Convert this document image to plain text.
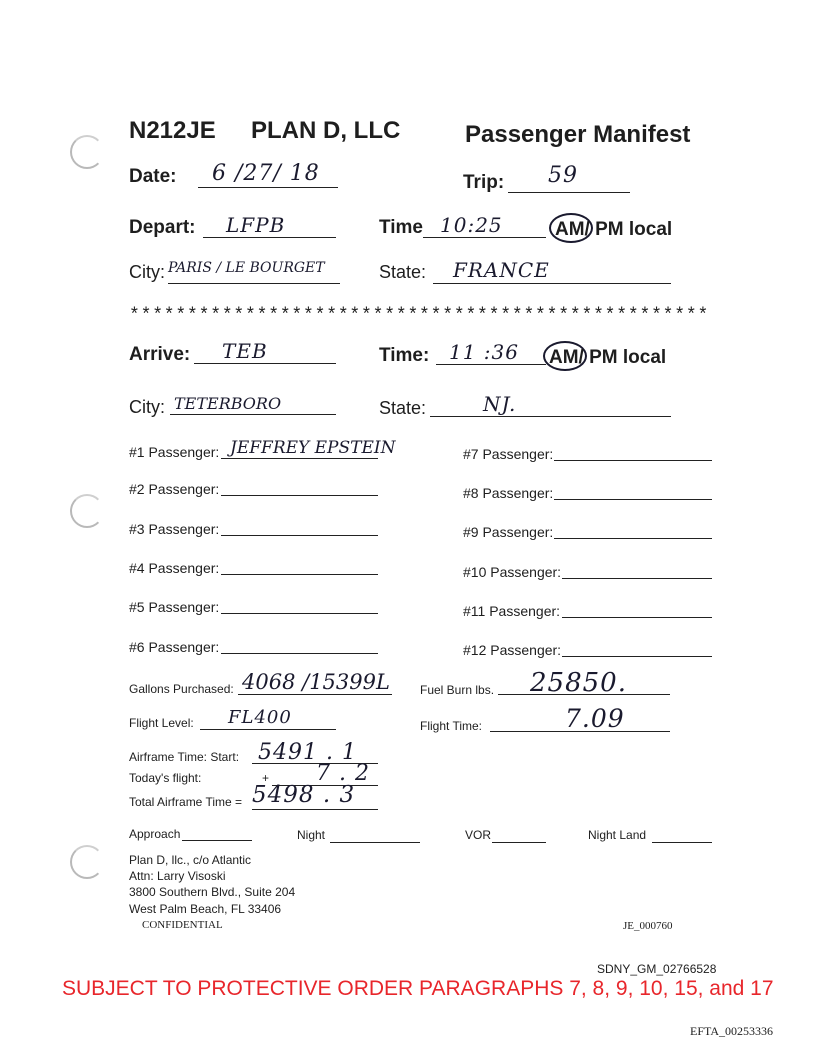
N212JE PLAN D, LLC	Passenger Manifest
Date: 6 /27/ 18	Trip: 59
Depart: LFPB	Time 10:25	AM/ PM local
City: PARIS / LE BOURGET	State: FRANCE
**************************************************
Arrive: TEB	Time: 11 :36 AM/ PM local
City: TETERBORO	State:	NJ.
#1 Passenger: JEFFREY EPSTEIN
#2 Passenger:
#3 Passenger:
#4 Passenger:
#5 Passenger:
#6 Passenger:
#7 Passenger:
#8 Passenger:
#9 Passenger:
#10 Passenger:
#11 Passenger:
#12 Passenger:
Gallons Purchased: 4068 /15399L	Fuel Burn lbs. 25850.
Flight Level: FL400	Flight Time:	7.09
Airframe Time: Start: 5491 . 1
Today's flight:	+ 7 . 2
Total Airframe Time = 5498 . 3
Approach	Night	VOR	Night Land
Plan D, llc., c/o Atlantic
Attn: Larry Visoski
3800 Southern Blvd., Suite 204
West Palm Beach, FL 33406
CONFIDENTIAL	JE_000760
SDNY_GM_02766528
SUBJECT TO PROTECTIVE ORDER PARAGRAPHS 7, 8, 9, 10, 15, and 17
EFTA_00253336
